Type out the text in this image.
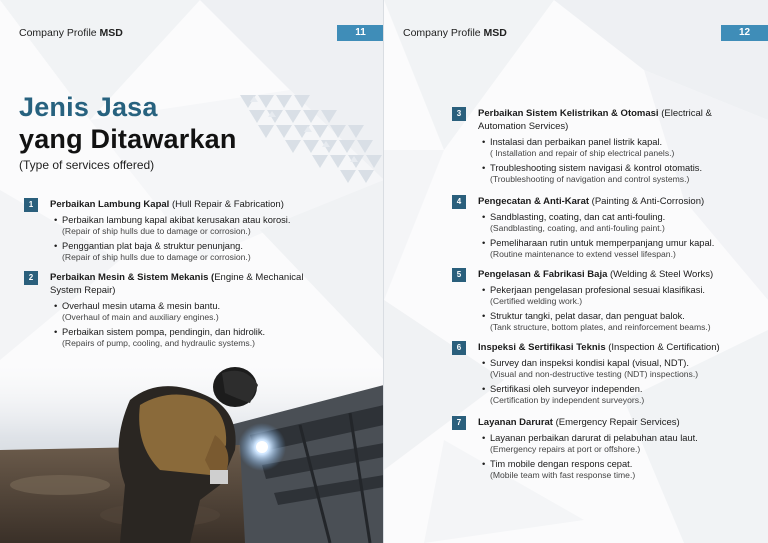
Company Profile MSD	11
Jenis Jasa
yang Ditawarkan
(Type of services offered)
1	Perbaikan Lambung Kapal (Hull Repair & Fabrication)
• Perbaikan lambung kapal akibat kerusakan atau korosi.
(Repair of ship hulls due to damage or corrosion.)
• Penggantian plat baja & struktur penunjang.
(Repair of ship hulls due to damage or corrosion.)
2	Perbaikan Mesin & Sistem Mekanis (Engine & Mechanical System Repair)
• Overhaul mesin utama & mesin bantu.
(Overhaul of main and auxiliary engines.)
• Perbaikan sistem pompa, pendingin, dan hidrolik.
(Repairs of pump, cooling, and hydraulic systems.)
Company Profile MSD	12
3	Perbaikan Sistem Kelistrikan & Otomasi (Electrical & Automation Services)
• Instalasi dan perbaikan panel listrik kapal.
( Installation and repair of ship electrical panels.)
• Troubleshooting sistem navigasi & kontrol otomatis.
(Troubleshooting of navigation and control systems.)
4	Pengecatan & Anti-Karat (Painting & Anti-Corrosion)
• Sandblasting, coating, dan cat anti-fouling.
(Sandblasting, coating, and anti-fouling paint.)
• Pemeliharaan rutin untuk memperpanjang umur kapal.
(Routine maintenance to extend vessel lifespan.)
5	Pengelasan & Fabrikasi Baja (Welding & Steel Works)
• Pekerjaan pengelasan profesional sesuai klasifikasi.
(Certified welding work.)
• Struktur tangki, pelat dasar, dan penguat balok.
(Tank structure, bottom plates, and reinforcement beams.)
6	Inspeksi & Sertifikasi Teknis (Inspection & Certification)
• Survey dan inspeksi kondisi kapal (visual, NDT).
(Visual and non-destructive testing (NDT) inspections.)
• Sertifikasi oleh surveyor independen.
(Certification by independent surveyors.)
7	Layanan Darurat (Emergency Repair Services)
• Layanan perbaikan darurat di pelabuhan atau laut.
(Emergency repairs at port or offshore.)
• Tim mobile dengan respons cepat.
(Mobile team with fast response time.)
